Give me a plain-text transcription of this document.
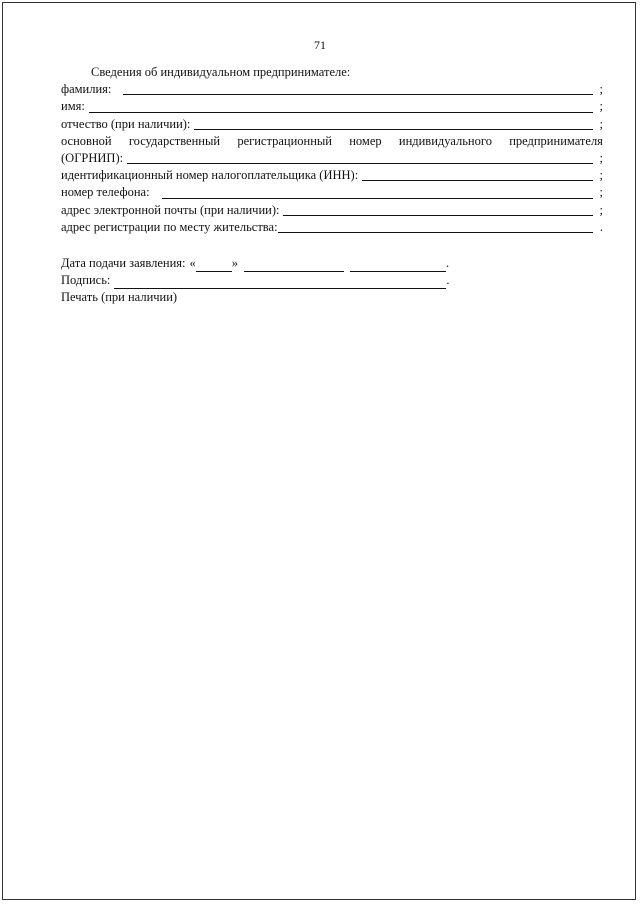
71
Сведения об индивидуальном предпринимателе:
фамилия:	;
имя:	;
отчество (при наличии):	;
основной государственный регистрационный номер индивидуального предпринимателя
(ОГРНИП):	;
идентификационный номер налогоплательщика (ИНН):	;
номер телефона:	;
адрес электронной почты (при наличии):	;
адрес регистрации по месту жительства:	.
Дата подачи заявления: «	»	.
Подпись:	.
Печать (при наличии)
